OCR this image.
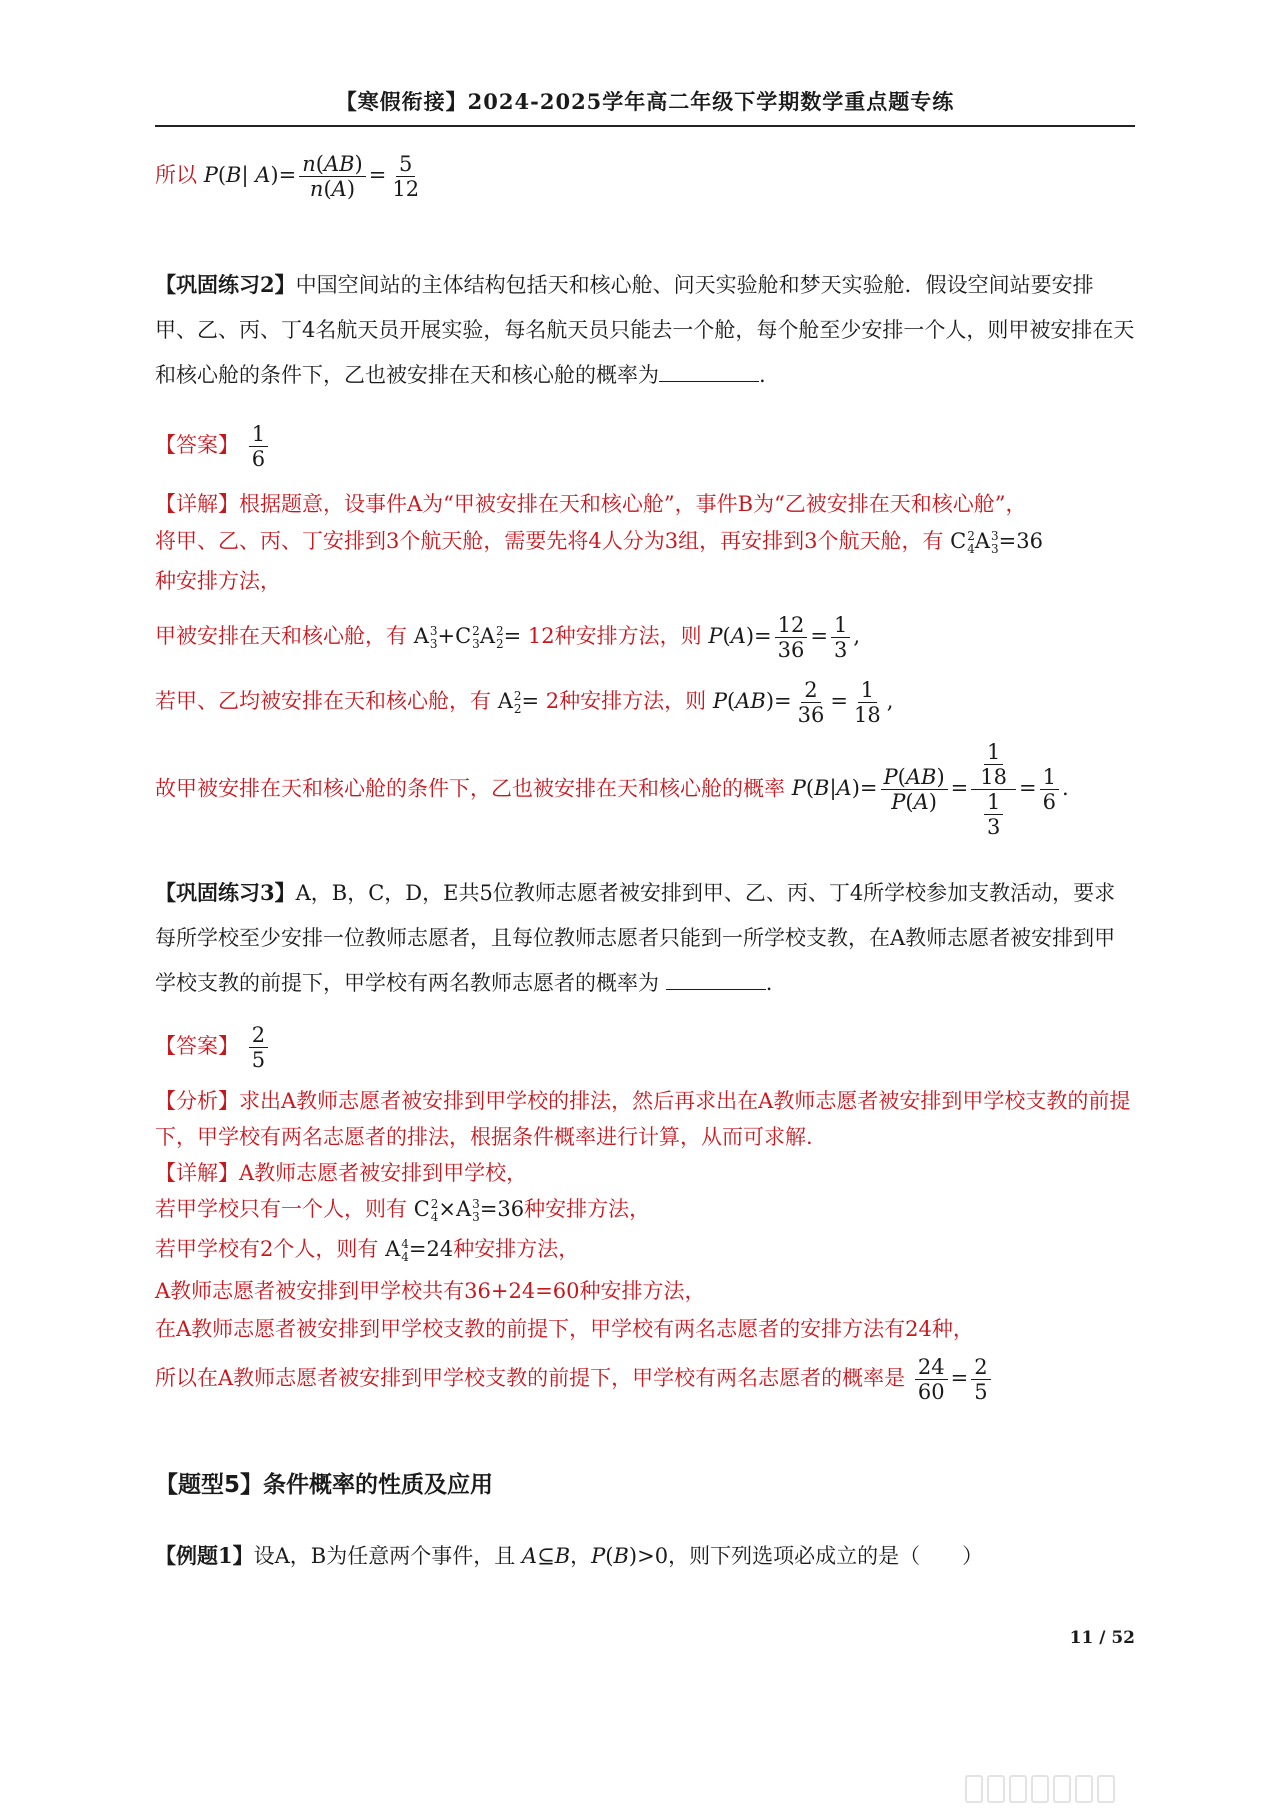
【寒假衔接】2024-2025学年高二年级下学期数学重点题专练
所以 P(B| $A)= \frac{n(AB)}{n(A)} = \frac{5}{12}$
【巩固练习2】中国空间站的主体结构包括天和核心舱、问天实验舱和梦天实验舱．假设空间站要安排甲、乙、丙、丁4名航天员开展实验，每名航天员只能去一个舱，每个舱至少安排一个人，则甲被安排在天和核心舱的条件下，乙也被安排在天和核心舱的概率为	.
【答案】 $\frac{1}{6}$
【详解】根据题意，设事件A为“甲被安排在天和核心舱”，事件B为“乙被安排在天和核心舱”，
将甲、乙、丙、丁安排到3个航天舱，需要先将4人分为3组，再安排到3个航天舱，有 C 2
4 A 3
3 =36
种安排方法，
甲被安排在天和核心舱，有 A 3
3 +C 2
3 A 2
2 = 12种安排方法，则 $P(A)= \frac{12}{36} = \frac{1}{3}$ ,
若甲、乙均被安排在天和核心舱，有 A 2
2 = 2种安排方法，则 $P(AB)= \frac{2}{36} = \frac{1}{18}$ ,
故甲被安排在天和核心舱的条件下，乙也被安排在天和核心舱的概率 $P(B|A)= \frac{P(AB)}{P(A)} = \frac{\frac{1}{18}}{\frac{1}{3}} = \frac{1}{6}$ .
【巩固练习3】A，B，C，D，E共5位教师志愿者被安排到甲、乙、丙、丁4所学校参加支教活动，要求每所学校至少安排一位教师志愿者，且每位教师志愿者只能到一所学校支教，在A教师志愿者被安排到甲学校支教的前提下，甲学校有两名教师志愿者的概率为	.
【答案】 $\frac{2}{5}$
【分析】求出A教师志愿者被安排到甲学校的排法，然后再求出在A教师志愿者被安排到甲学校支教的前提下，甲学校有两名志愿者的排法，根据条件概率进行计算，从而可求解.
【详解】A教师志愿者被安排到甲学校，
若甲学校只有一个人，则有 C 2
4 ×A 3
3 =36种安排方法，
若甲学校有2个人，则有 A 4
4 =24种安排方法，
A教师志愿者被安排到甲学校共有36+24=60种安排方法，
在A教师志愿者被安排到甲学校支教的前提下，甲学校有两名志愿者的安排方法有24种，
所以在A教师志愿者被安排到甲学校支教的前提下，甲学校有两名志愿者的概率是 $\frac{24}{60} = \frac{2}{5}$
【题型5】条件概率的性质及应用
【例题1】设A，B为任意两个事件，且 A⊆B，P(B)>0，则下列选项必成立的是（　　）
11 / 52
